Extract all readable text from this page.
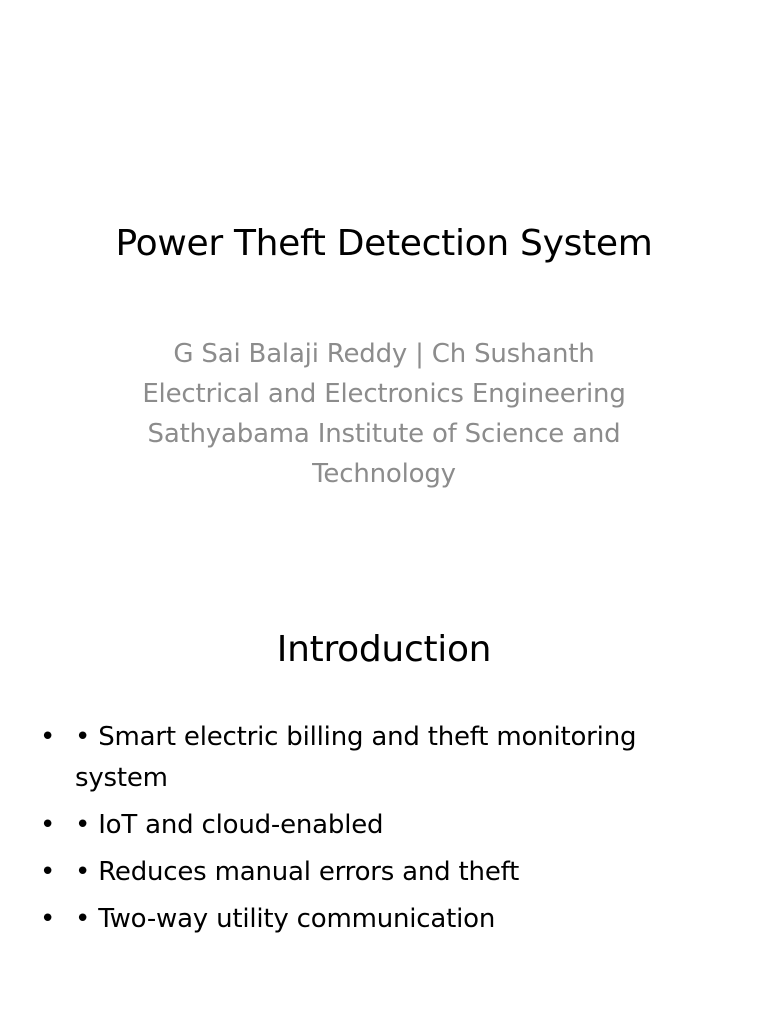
Power Theft Detection System
G Sai Balaji Reddy | Ch Sushanth
Electrical and Electronics Engineering
Sathyabama Institute of Science and Technology
Introduction
• • Smart electric billing and theft monitoring system
• • IoT and cloud-enabled
• • Reduces manual errors and theft
• • Two-way utility communication
